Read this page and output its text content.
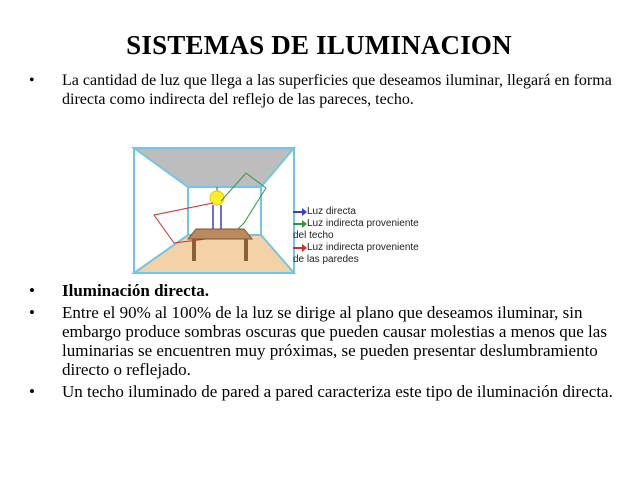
SISTEMAS DE ILUMINACION
• La cantidad de luz que llega a las superficies que deseamos iluminar, llegará en forma directa como indirecta del reflejo de las pareces, techo.
Luz directa
Luz indirecta proveniente
del techo
Luz indirecta proveniente
de las paredes
• Iluminación directa.
• Entre el 90% al 100% de la luz se dirige al plano que deseamos iluminar, sin embargo produce sombras oscuras que pueden causar molestias a menos que las luminarias se encuentren muy próximas, se pueden presentar deslumbramiento directo o reflejado.
• Un techo iluminado de pared a pared caracteriza este tipo de iluminación directa.
